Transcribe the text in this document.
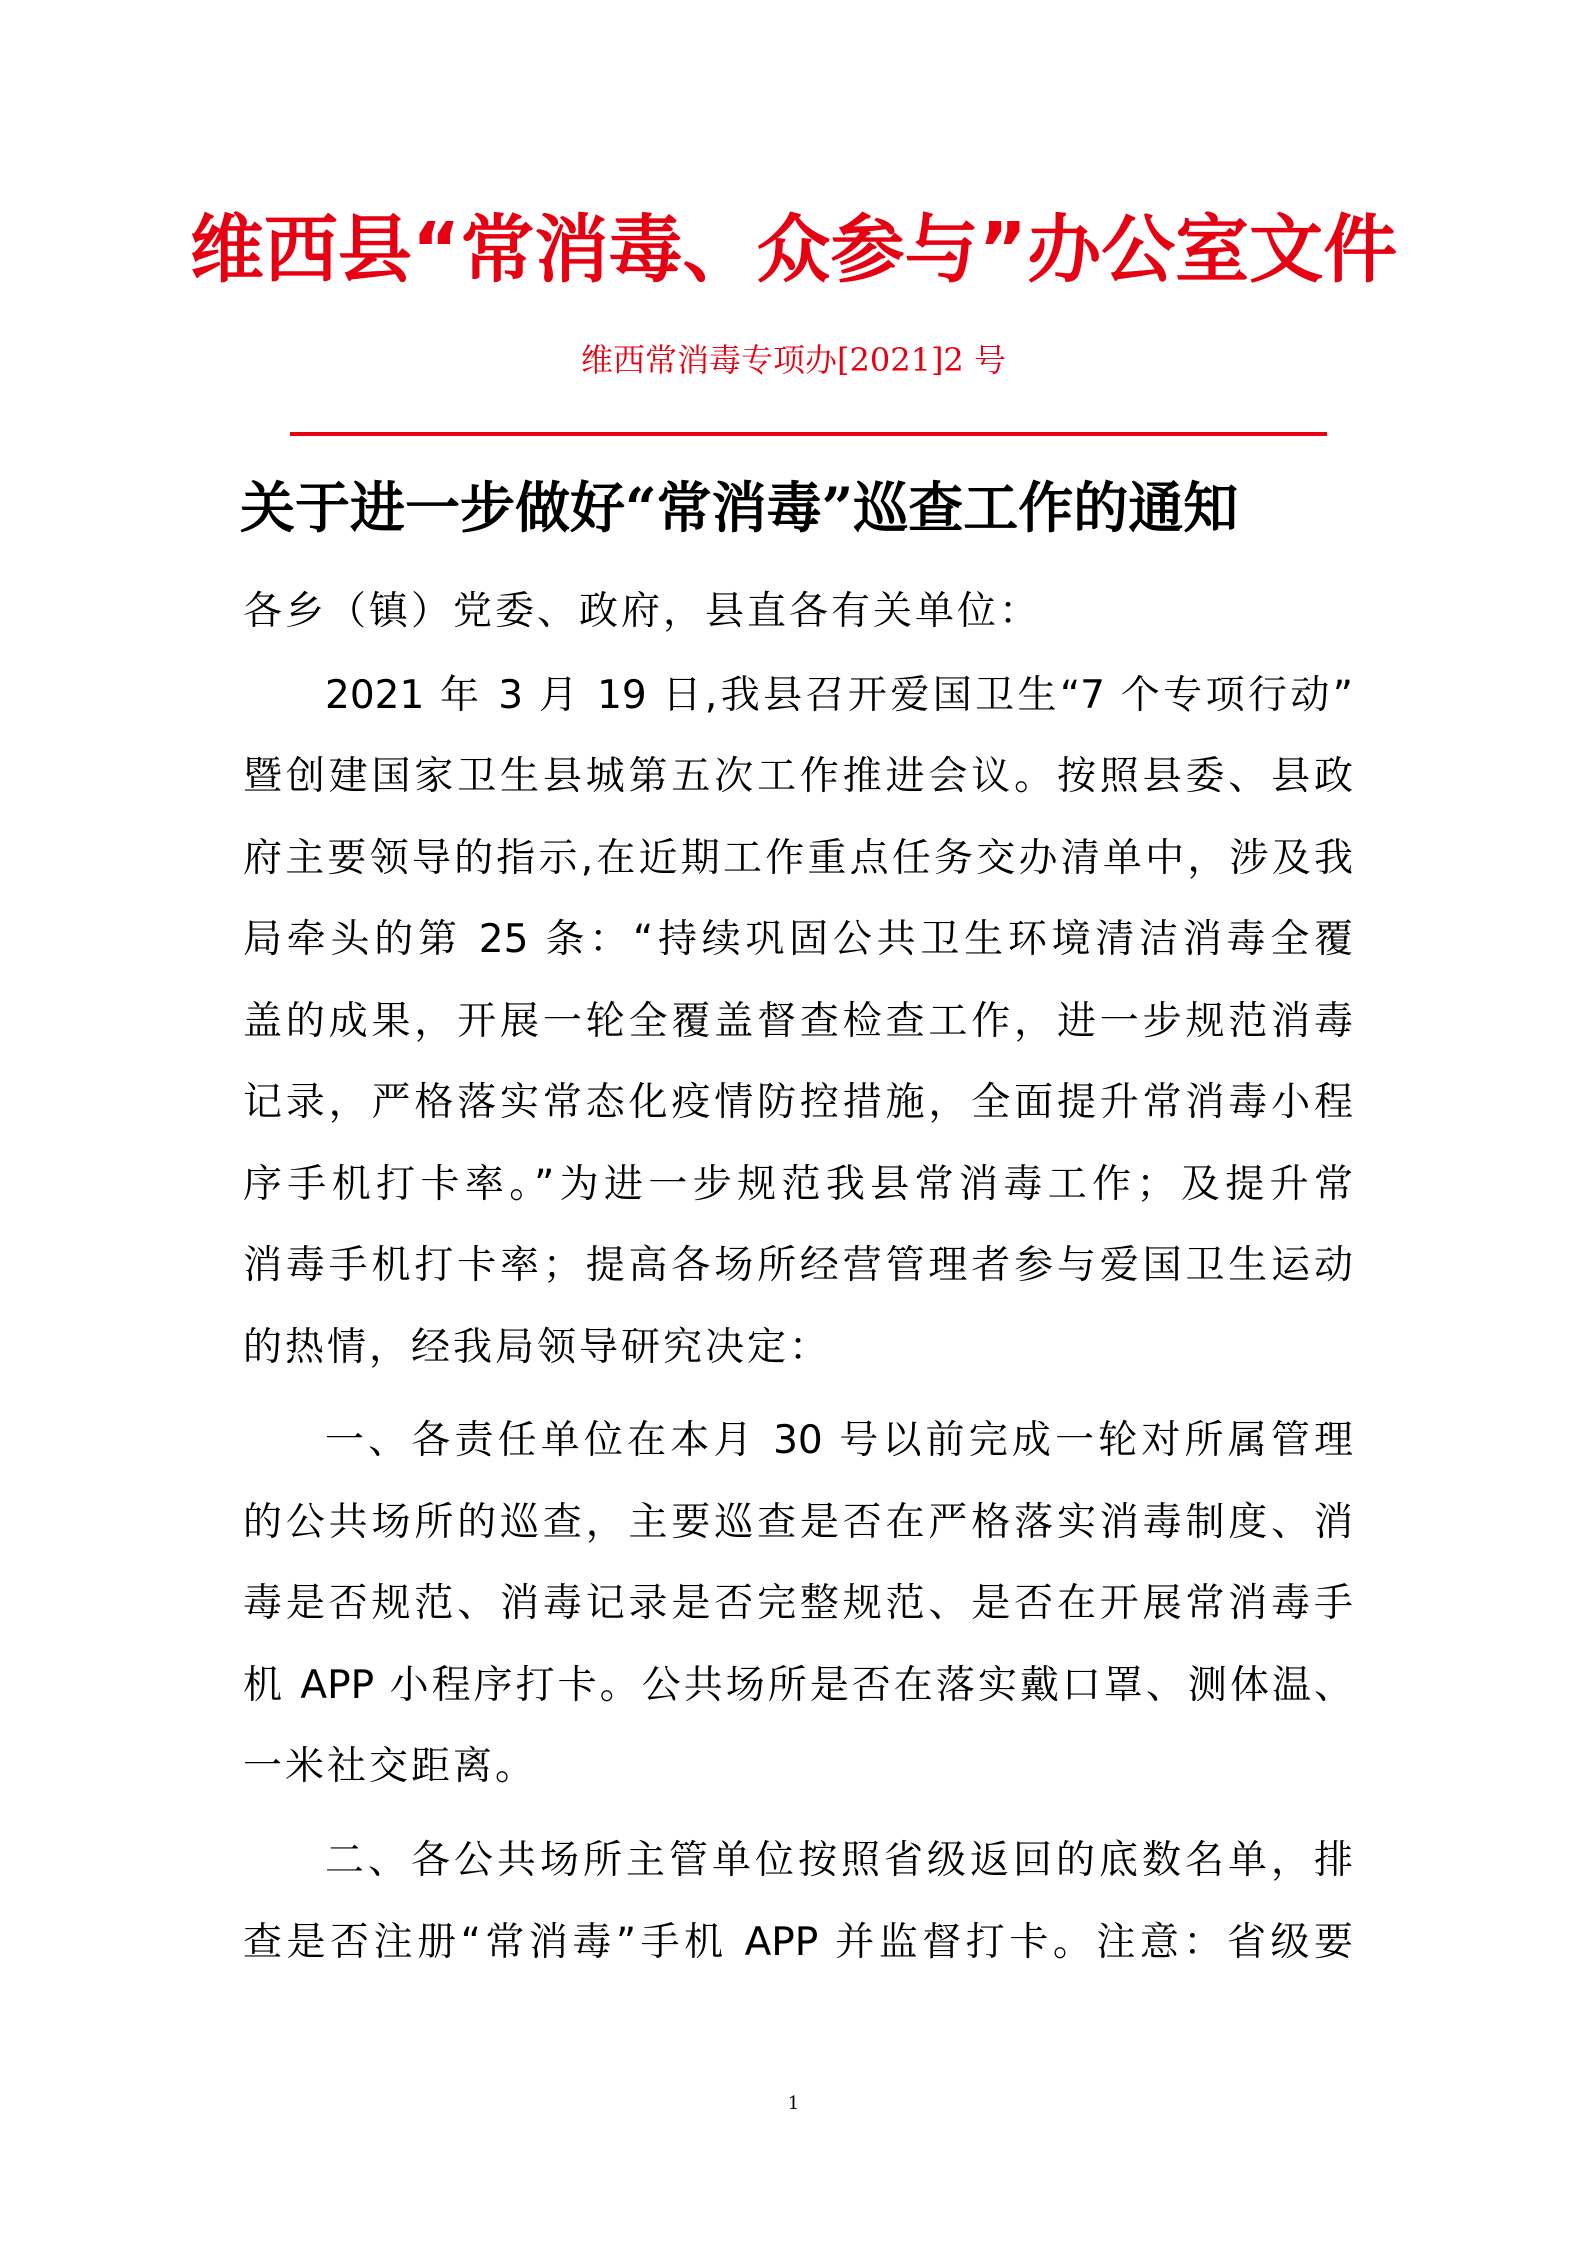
维西县“常消毒、众参与”办公室文件
维西常消毒专项办[2021]2 号
关于进一步做好“常消毒”巡查工作的通知
各乡（镇）党委、政府，县直各有关单位：
2021 年 3 月 19 日,我县召开爱国卫生“7 个专项行动”
暨创建国家卫生县城第五次工作推进会议。按照县委、县政
府主要领导的指示,在近期工作重点任务交办清单中，涉及我
局牵头的第 25 条：“持续巩固公共卫生环境清洁消毒全覆
盖的成果，开展一轮全覆盖督查检查工作，进一步规范消毒
记录，严格落实常态化疫情防控措施，全面提升常消毒小程
序手机打卡率。”为进一步规范我县常消毒工作；及提升常
消毒手机打卡率；提高各场所经营管理者参与爱国卫生运动
的热情，经我局领导研究决定：
一、各责任单位在本月 30 号以前完成一轮对所属管理
的公共场所的巡查，主要巡查是否在严格落实消毒制度、消
毒是否规范、消毒记录是否完整规范、是否在开展常消毒手
机 APP 小程序打卡。公共场所是否在落实戴口罩、测体温、
一米社交距离。
二、各公共场所主管单位按照省级返回的底数名单，排
查是否注册“常消毒”手机 APP 并监督打卡。注意：省级要
1
